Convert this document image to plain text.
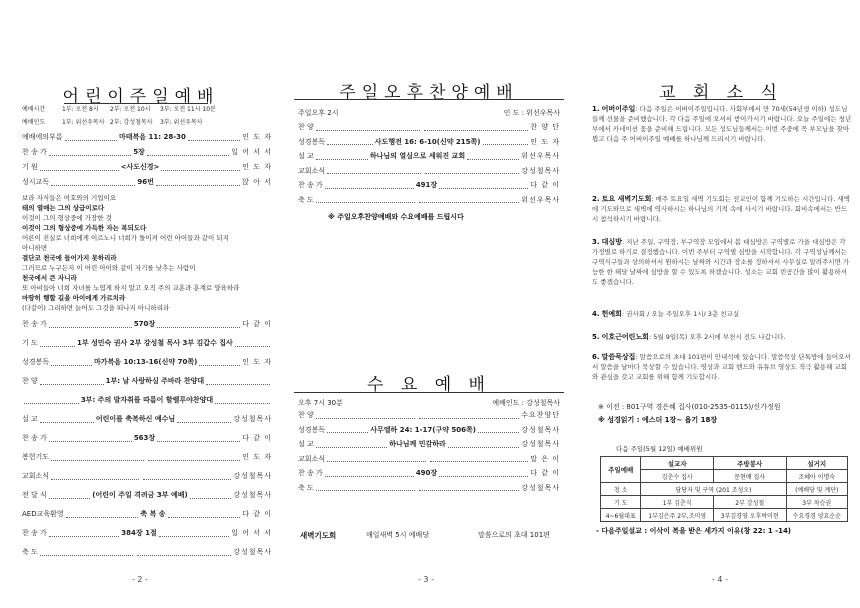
어린이주일예배
예배시간	1부: 오전 8시 2부: 오전 10시 3부: 오전 11시 10분
예배인도	1부: 위선우목사 2부: 강성철목사 3부: 위선우목사
예배에의부름	마태복음 11: 28-30	인 도 자
찬 송 가	5장	일 어 서 서
기 원	<사도신경>	인 도 자
성시교독	96번	앉 아 서
보라 자식들은 여호와의 기업이요
태의 열매는 그의 상급이로다
이것이 그의 형상중에 가장한 것
이것이 그의 형상중에 가득한 자는 복되도다
어른이 진실로 너희에게 이르노니 너희가 돌이켜 어린 아이들과 같이 되지
아니하면
결단코 천국에 들어가지 못하리라
그러므로 누구든지 이 어린 아이와 같이 자기를 낮추는 사람이
천국에서 큰 자니라
또 아비들아 너희 자녀를 노엽게 하지 말고 오직 주의 교훈과 훈계로 양육하라
마땅히 행할 길을 아이에게 가르치라
(다같이) 그리하면 늙어도 그것을 떠나지 아니하리라
찬 송 가	570장	다 같 이
기 도	1부 성민숙 권사 2부 강성철 목사 3부 김갑수 집사
성경봉독	마가복음 10:13-16(신약 70쪽)	인 도 자
찬 양	1부: 날 사랑하심 주바라 찬양대
3부: 주의 발자취를 따름이 할렐루야찬양대
설 교	어린이를 축복하신 예수님	강성철목사
찬 송 가	563장	다 같 이
봉헌기도	인 도 자
교회소식	강성철목사
전 달 식	(어린이 주일 격려금 3부 예배)	강성철목사
AED교육환영	축 복 송	다 같 이
찬 송 가	384장 1절	일 어 서 서
축 도	강성철목사
- 2 -
주일오후찬양예배
주일오후 2시	인 도 : 위선우목사
찬 양	찬 양 단
성경봉독	사도행전 16: 6-10(신약 215쪽)	인 도 자
설 교	하나님의 열심으로 세워진 교회	위선우목사
교회소식	강성철목사
찬 송 가	491장	다 같 이
축 도	위선우목사
※ 주일오후찬양예배와 수요예배를 드립시다
수 요 예 배
오후 7시 30분	예배인도 : 강성철목사
찬 양	수요찬양단
성경봉독	사무엘하 24: 1-17(구약 506쪽)	강성철목사
설 교	하나님께 민감하라	강성철목사
교회소식	말 은 이
찬 송 가	490장	다 같 이
축 도	강성철목사
새벽기도회	매일새벽 5시 예배당	말씀으로의 초대 101편
- 3 -
교 회 소 식
1. 어버이주일: 다음 주일은 어버이주일입니다. 사회부에서 만 70세(54년생 이하) 성도님들께 선물을 준비했습니다. 각 다음 주일에 오셔서 받아가시기 바랍니다. 오늘 주일에는 청년부에서 카네이션 꽃을 준비해 드립니다. 모든 성도님들께서는 이번 주중에 꼭 부모님을 찾아뵙고 다음 주 어버이주일 예배를 하나님께 드리시기 바랍니다.
2. 토요 새벽기도회: 매주 토요일 새벽 기도회는 전교인이 함께 기도하는 시간입니다. 새벽에 기도하므로 새벽에 역사하시는 하나님의 기적 속에 사시기 바랍니다. 회비속에서는 반드시 참석하시기 바랍니다.
3. 대심방: 지난 주일, 구역장, 부구역장 모임에서 봄 대심방은 구역별로 가을 대심방은 각 가정별로 하기로 결정했습니다. 이번 주부터 구역별 심방을 시작합니다. 각 구역성님께서는 구역식구들과 상의하셔서 원하시는 날짜와 시간과 장소를 정하셔서 사무실로 알려주시면 가능한 한 해당 날짜에 심방을 할 수 있도록 하겠습니다. 성소는 교회 빈공간을 많이 활용하셔도 좋겠습니다.
4. 헌예회: 권사회 / 오늘 주일오후 1시/ 3층 친교실
5. 이호근어린노회: 5월 9일(목) 오후 2시에 부천시 전도 나갑니다.
6. 말씀묵상집: 말씀으로의 초대 101편이 안내석에 있습니다. 말씀묵상 단톡방에 들어오셔서 말씀을 날마다 묵상할 수 있습니다. 영상과 교회 밴드와 유튜브 영상도 적극 활용해 교회와 관심을 갖고 교회를 위해 함께 기도합시다.
※ 이전 : 801구역 경은혜 집사(010-2535-0115)/신가정원
※ 성경읽기 : 에스더 1장~ 욥기 18장
다음 주일(5월 12일) 예배위원
주일예배	설교자	주방봉사	설거지
	김춘수 집사	문현배 집사	조혜아 이명숙
청 소	담당자 및 구역 (201 조성오)		(예배당 및 계단)
기 도	1부 김춘식	2부 강성철	3부 차승권
4~6월대표	1부김은주 2부,조미영	3부김경영 오후박미현	수요경경 양요순순
- 다음주일설교 : 이삭이 복을 받은 세가지 이유(창 22: 1 -14)
- 4 -
